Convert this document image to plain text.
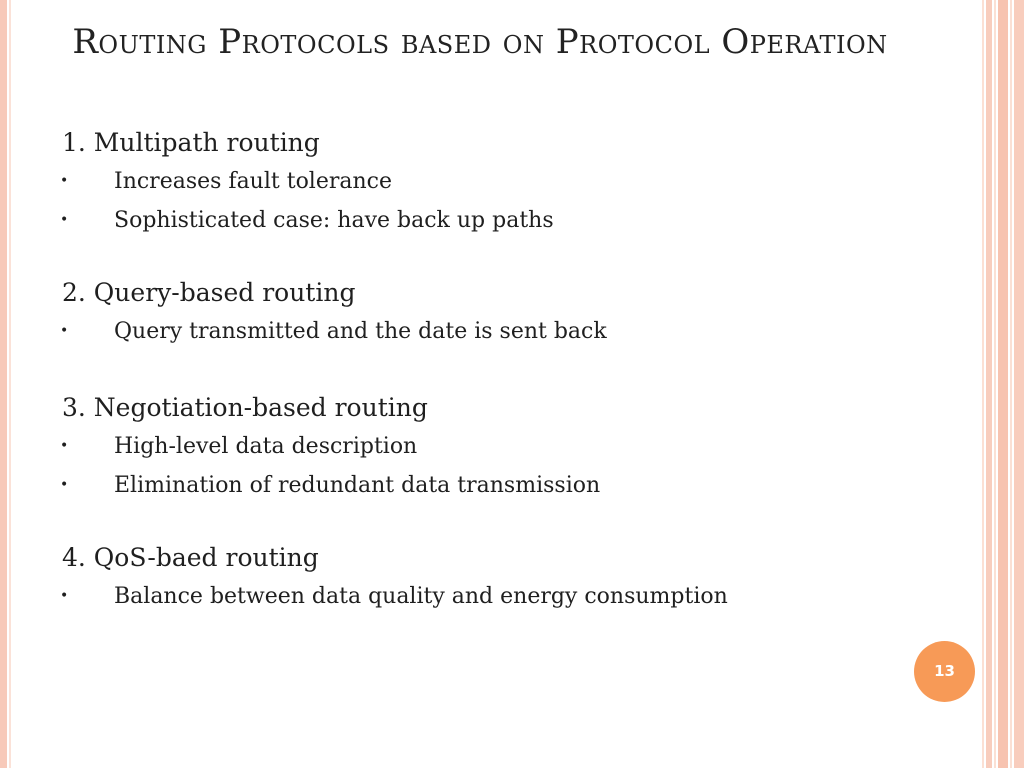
Routing Protocols based on Protocol Operation
1. Multipath routing
• Increases fault tolerance
• Sophisticated case: have back up paths
2. Query-based routing
• Query transmitted and the date is sent back
3. Negotiation-based routing
• High-level data description
• Elimination of redundant data transmission
4. QoS-baed routing
• Balance between data quality and energy consumption
13
